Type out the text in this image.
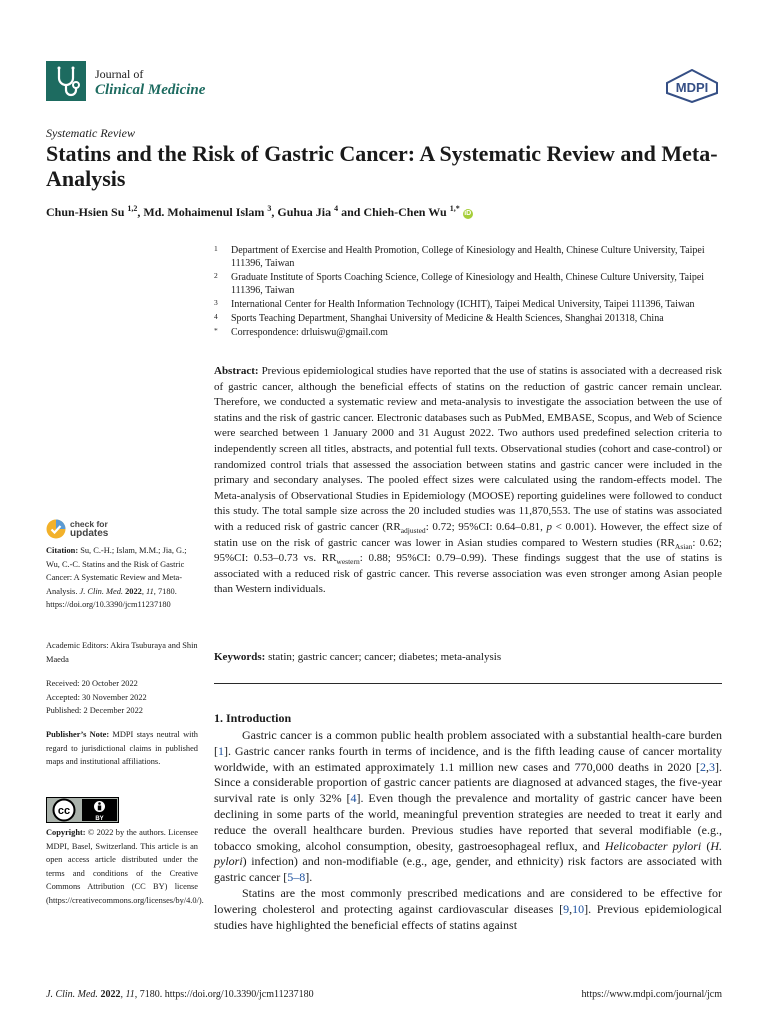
Journal of
Clinical Medicine	MDPI
Systematic Review
Statins and the Risk of Gastric Cancer: A Systematic Review and Meta-Analysis
Chun-Hsien Su $^{1,2}$, Md. Mohaimenul Islam $^3$, Guhua Jia $^4$ and Chieh-Chen Wu $^{1,*}$ iD
1 Department of Exercise and Health Promotion, College of Kinesiology and Health, Chinese Culture University, Taipei 111396, Taiwan
2 Graduate Institute of Sports Coaching Science, College of Kinesiology and Health, Chinese Culture University, Taipei 111396, Taiwan
3 International Center for Health Information Technology (ICHIT), Taipei Medical University, Taipei 111396, Taiwan
4 Sports Teaching Department, Shanghai University of Medicine & Health Sciences, Shanghai 201318, China
* Correspondence: drluiswu@gmail.com
Abstract: Previous epidemiological studies have reported that the use of statins is associated with a decreased risk of gastric cancer, although the beneficial effects of statins on the reduction of gastric cancer remain unclear. Therefore, we conducted a systematic review and meta-analysis to investigate the association between the use of statins and the risk of gastric cancer. Electronic databases such as PubMed, EMBASE, Scopus, and Web of Science were searched between 1 January 2000 and 31 August 2022. Two authors used predefined selection criteria to independently screen all titles, abstracts, and potential full texts. Observational studies (cohort and case-control) or randomized control trials that assessed the association between statins and gastric cancer were included in the primary and secondary analyses. The pooled effect sizes were calculated using the random-effects model. The Meta-analysis of Observational Studies in Epidemiology (MOOSE) reporting guidelines were followed to conduct this study. The total sample size across the 20 included studies was 11,870,553. The use of statins was associated with a reduced risk of gastric cancer ($RR_{adjusted}$: 0.72; 95%CI: 0.64–0.81, p < 0.001). However, the effect size of statin use on the risk of gastric cancer was lower in Asian studies compared to Western studies ($RR_{Asian}$: 0.62; 95%CI: 0.53–0.73 vs. $RR_{western}$: 0.88; 95%CI: 0.79–0.99). These findings suggest that the use of statins is associated with a reduced risk of gastric cancer. This reverse association was even stronger among Asian people than Western individuals.
Keywords: statin; gastric cancer; cancer; diabetes; meta-analysis
check for
updates
Citation: Su, C.-H.; Islam, M.M.; Jia, G.; Wu, C.-C. Statins and the Risk of Gastric Cancer: A Systematic Review and Meta-Analysis. J. Clin. Med. 2022, 11, 7180. https://doi.org/10.3390/jcm11237180
Academic Editors: Akira Tsuburaya and Shin Maeda
Received: 20 October 2022
Accepted: 30 November 2022
Published: 2 December 2022
Publisher’s Note: MDPI stays neutral with regard to jurisdictional claims in published maps and institutional affiliations.
cc
BY
Copyright: © 2022 by the authors. Licensee MDPI, Basel, Switzerland. This article is an open access article distributed under the terms and conditions of the Creative Commons Attribution (CC BY) license (https://creativecommons.org/licenses/by/4.0/).
1. Introduction

Gastric cancer is a common public health problem associated with a substantial health-care burden [1]. Gastric cancer ranks fourth in terms of incidence, and is the fifth leading cause of cancer mortality worldwide, with an estimated approximately 1.1 million new cases and 770,000 deaths in 2020 [2,3]. Since a considerable proportion of gastric cancer patients are diagnosed at advanced stages, the five-year survival rate is only 32% [4]. Even though the prevalence and mortality of gastric cancer have been declining in some parts of the world, meaningful prevention strategies are needed to treat it early and reduce the overall healthcare burden. Previous studies have reported that several modifiable (e.g., tobacco smoking, alcohol consumption, obesity, gastroesophageal reflux, and Helicobacter pylori (H. pylori) infection) and non-modifiable (e.g., age, gender, and ethnicity) risk factors are associated with gastric cancer [5–8].

Statins are the most commonly prescribed medications and are considered to be effective for lowering cholesterol and protecting against cardiovascular diseases [9,10]. Previous epidemiological studies have highlighted the beneficial effects of statins against

J. Clin. Med. 2022, 11, 7180. https://doi.org/10.3390/jcm11237180	https://www.mdpi.com/journal/jcm
